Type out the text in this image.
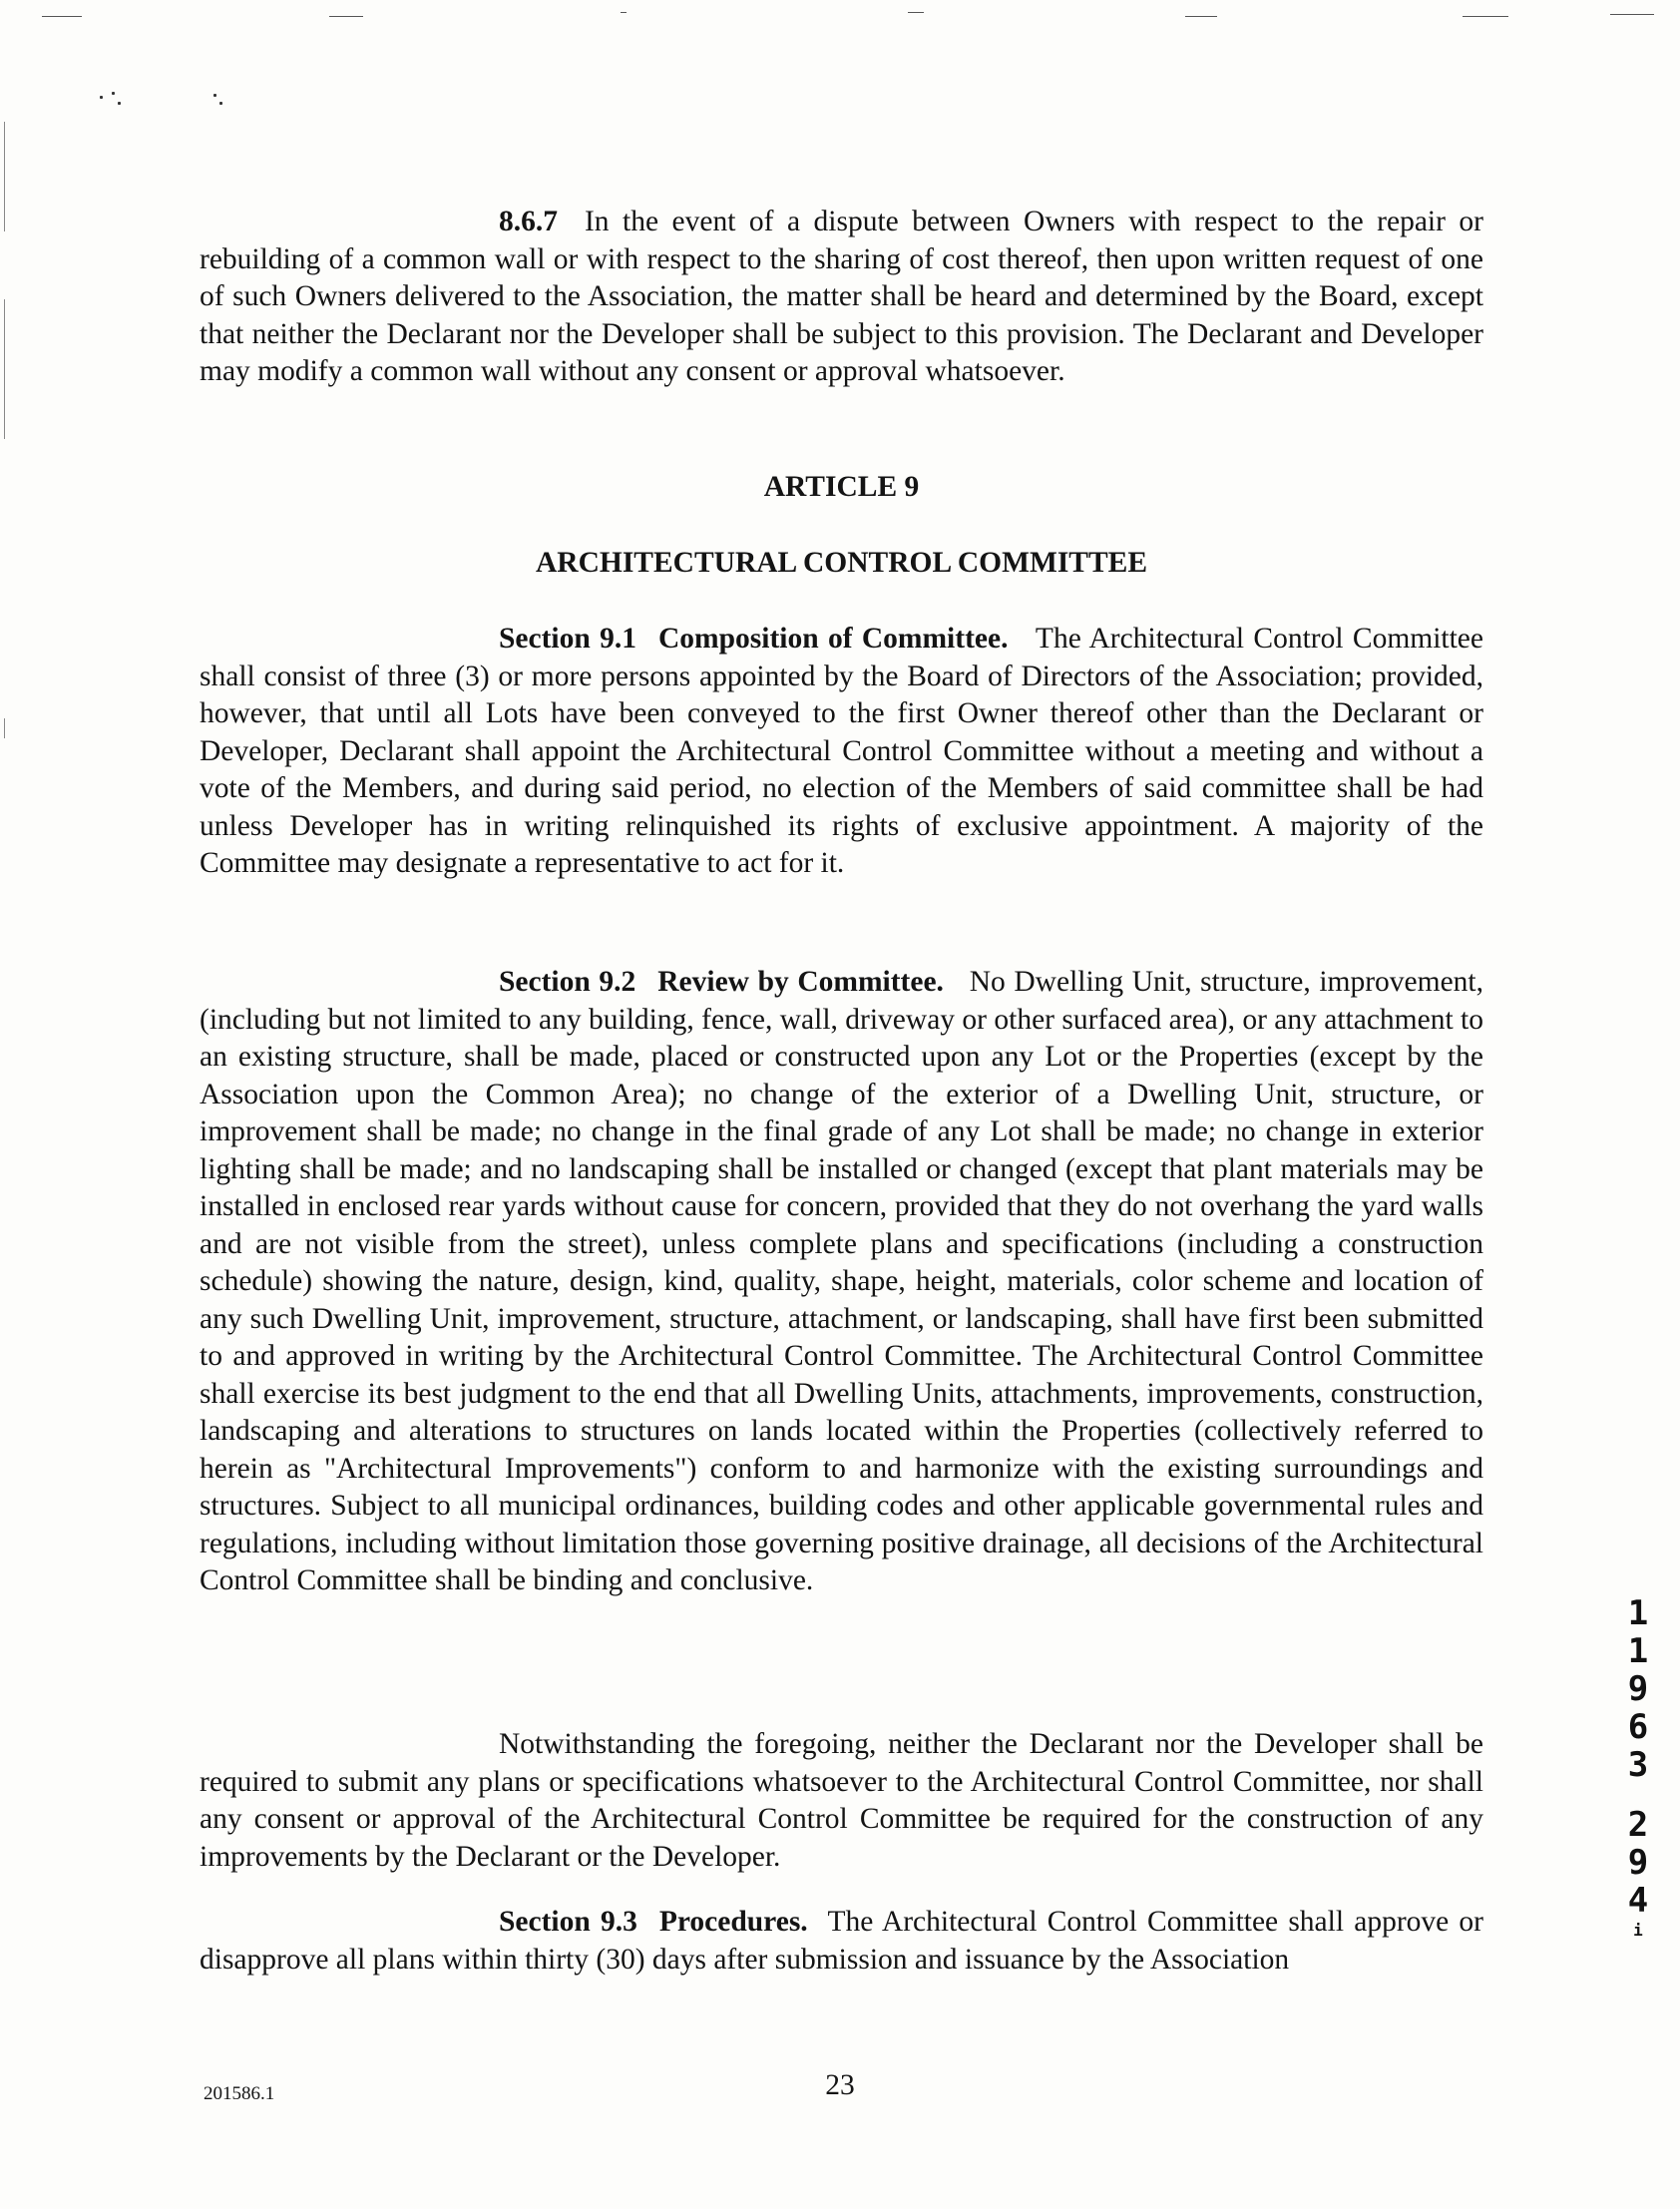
8.6.7 In the event of a dispute between Owners with respect to the repair or rebuilding of a common wall or with respect to the sharing of cost thereof, then upon written request of one of such Owners delivered to the Association, the matter shall be heard and determined by the Board, except that neither the Declarant nor the Developer shall be subject to this provision. The Declarant and Developer may modify a common wall without any consent or approval whatsoever.

ARTICLE 9

ARCHITECTURAL CONTROL COMMITTEE

Section 9.1 Composition of Committee. The Architectural Control Committee shall consist of three (3) or more persons appointed by the Board of Directors of the Association; provided, however, that until all Lots have been conveyed to the first Owner thereof other than the Declarant or Developer, Declarant shall appoint the Architectural Control Committee without a meeting and without a vote of the Members, and during said period, no election of the Members of said committee shall be had unless Developer has in writing relinquished its rights of exclusive appointment. A majority of the Committee may designate a representative to act for it.

Section 9.2 Review by Committee. No Dwelling Unit, structure, improvement, (including but not limited to any building, fence, wall, driveway or other surfaced area), or any attachment to an existing structure, shall be made, placed or constructed upon any Lot or the Properties (except by the Association upon the Common Area); no change of the exterior of a Dwelling Unit, structure, or improvement shall be made; no change in the final grade of any Lot shall be made; no change in exterior lighting shall be made; and no landscaping shall be installed or changed (except that plant materials may be installed in enclosed rear yards without cause for concern, provided that they do not overhang the yard walls and are not visible from the street), unless complete plans and specifications (including a construction schedule) showing the nature, design, kind, quality, shape, height, materials, color scheme and location of any such Dwelling Unit, improvement, structure, attachment, or landscaping, shall have first been submitted to and approved in writing by the Architectural Control Committee. The Architectural Control Committee shall exercise its best judgment to the end that all Dwelling Units, attachments, improvements, construction, landscaping and alterations to structures on lands located within the Properties (collectively referred to herein as "Architectural Improvements") conform to and harmonize with the existing surroundings and structures. Subject to all municipal ordinances, building codes and other applicable governmental rules and regulations, including without limitation those governing positive drainage, all decisions of the Architectural Control Committee shall be binding and conclusive.

Notwithstanding the foregoing, neither the Declarant nor the Developer shall be required to submit any plans or specifications whatsoever to the Architectural Control Committee, nor shall any consent or approval of the Architectural Control Committee be required for the construction of any improvements by the Declarant or the Developer.

Section 9.3 Procedures. The Architectural Control Committee shall approve or disapprove all plans within thirty (30) days after submission and issuance by the Association

1
1
9
6
3
2
9
4
i

201586.1	23
